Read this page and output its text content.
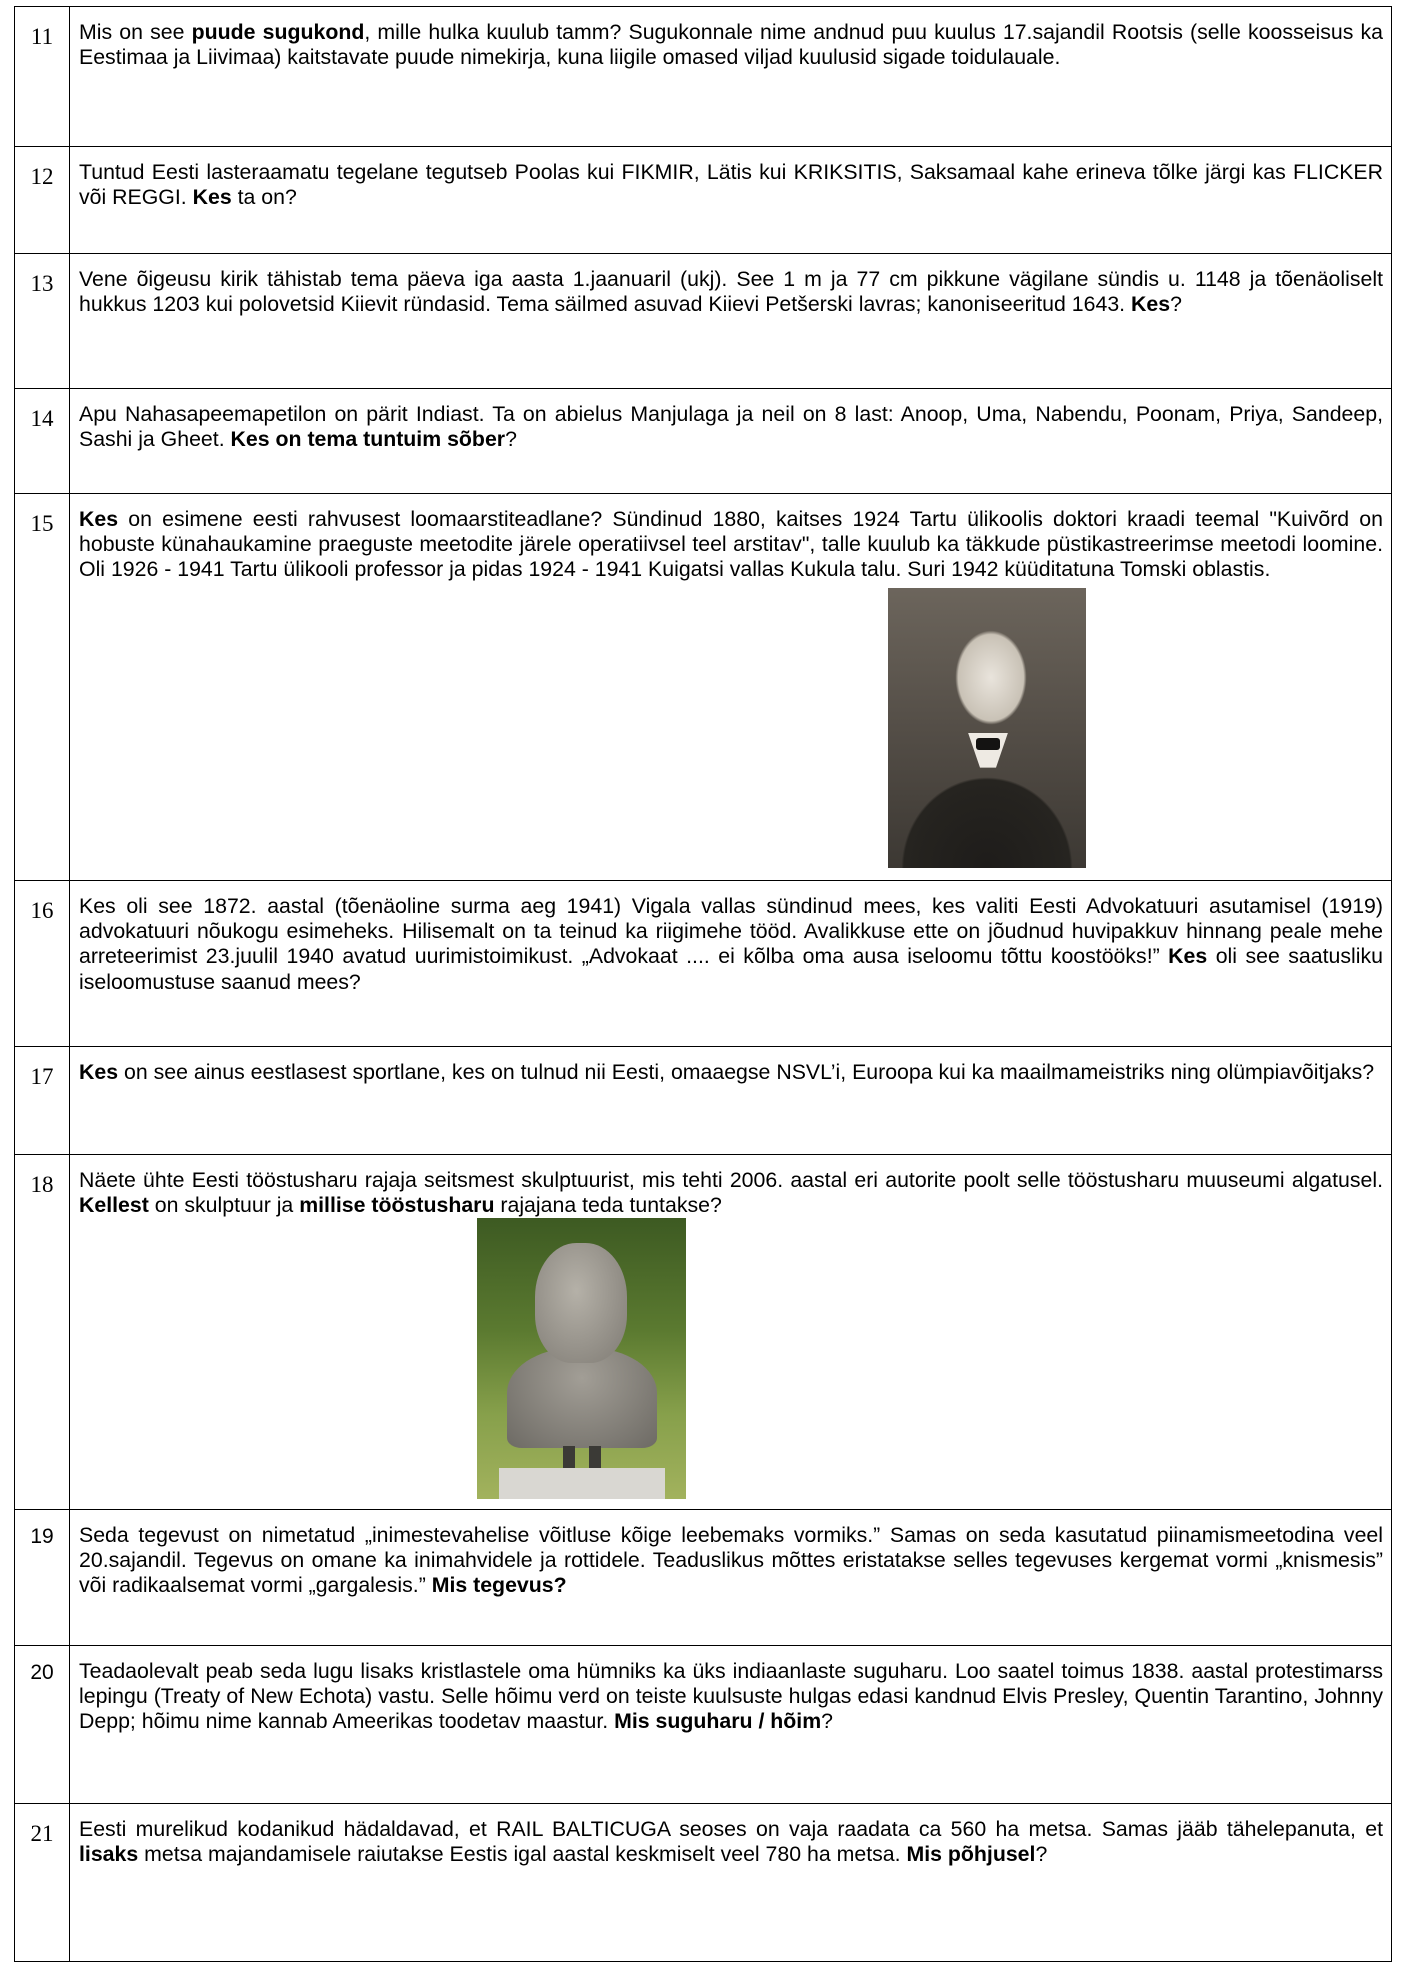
11	Mis on see puude sugukond, mille hulka kuulub tamm? Sugukonnale nime andnud puu kuulus 17.sajandil Rootsis (selle koosseisus ka Eestimaa ja Liivimaa) kaitstavate puude nimekirja, kuna liigile omased viljad kuulusid sigade toidulauale.
12	Tuntud Eesti lasteraamatu tegelane tegutseb Poolas kui FIKMIR, Lätis kui KRIKSITIS, Saksamaal kahe erineva tõlke järgi kas FLICKER või REGGI. Kes ta on?
13	Vene õigeusu kirik tähistab tema päeva iga aasta 1.jaanuaril (ukj). See 1 m ja 77 cm pikkune vägilane sündis u. 1148 ja tõenäoliselt hukkus 1203 kui polovetsid Kiievit ründasid. Tema säilmed asuvad Kiievi Petšerski lavras; kanoniseeritud 1643. Kes?
14	Apu Nahasapeemapetilon on pärit Indiast. Ta on abielus Manjulaga ja neil on 8 last: Anoop, Uma, Nabendu, Poonam, Priya, Sandeep, Sashi ja Gheet. Kes on tema tuntuim sõber?
15	Kes on esimene eesti rahvusest loomaarstiteadlane? Sündinud 1880, kaitses 1924 Tartu ülikoolis doktori kraadi teemal "Kuivõrd on hobuste künahaukamine praeguste meetodite järele operatiivsel teel arstitav", talle kuulub ka täkkude püstikastreerimse meetodi loomine. Oli 1926 - 1941 Tartu ülikooli professor ja pidas 1924 - 1941 Kuigatsi vallas Kukula talu. Suri 1942 küüditatuna Tomski oblastis.

16	Kes oli see 1872. aastal (tõenäoline surma aeg 1941) Vigala vallas sündinud mees, kes valiti Eesti Advokatuuri asutamisel (1919) advokatuuri nõukogu esimeheks. Hilisemalt on ta teinud ka riigimehe tööd. Avalikkuse ette on jõudnud huvipakkuv hinnang peale mehe arreteerimist 23.juulil 1940 avatud uurimistoimikust. „Advokaat .... ei kõlba oma ausa iseloomu tõttu koostööks!” Kes oli see saatusliku iseloomustuse saanud mees?
17	Kes on see ainus eestlasest sportlane, kes on tulnud nii Eesti, omaaegse NSVL’i, Euroopa kui ka maailmameistriks ning olümpiavõitjaks?
18	Näete ühte Eesti tööstusharu rajaja seitsmest skulptuurist, mis tehti 2006. aastal eri autorite poolt selle tööstusharu muuseumi algatusel. Kellest on skulptuur ja millise tööstusharu rajajana teda tuntakse?

19	Seda tegevust on nimetatud „inimestevahelise võitluse kõige leebemaks vormiks.” Samas on seda kasutatud piinamismeetodina veel 20.sajandil. Tegevus on omane ka inimahvidele ja rottidele. Teaduslikus mõttes eristatakse selles tegevuses kergemat vormi „knismesis” või radikaalsemat vormi „gargalesis.” Mis tegevus?
20	Teadaolevalt peab seda lugu lisaks kristlastele oma hümniks ka üks indiaanlaste suguharu. Loo saatel toimus 1838. aastal protestimarss lepingu (Treaty of New Echota) vastu. Selle hõimu verd on teiste kuulsuste hulgas edasi kandnud Elvis Presley, Quentin Tarantino, Johnny Depp; hõimu nime kannab Ameerikas toodetav maastur. Mis suguharu / hõim?
21	Eesti murelikud kodanikud hädaldavad, et RAIL BALTICUGA seoses on vaja raadata ca 560 ha metsa. Samas jääb tähelepanuta, et lisaks metsa majandamisele raiutakse Eestis igal aastal keskmiselt veel 780 ha metsa. Mis põhjusel?
